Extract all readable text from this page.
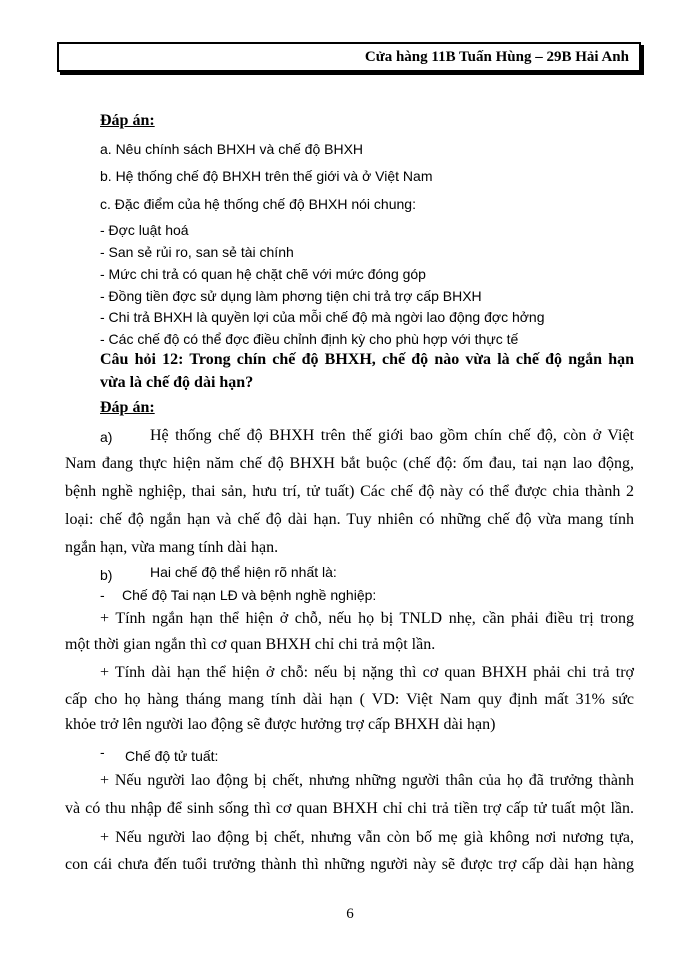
Cửa hàng 11B Tuấn Hùng – 29B Hải Anh
Đáp án:
a. Nêu chính sách BHXH và chế độ BHXH
b. Hệ thống chế độ BHXH trên thế giới và ở Việt Nam
c. Đặc điểm của hệ thống chế độ BHXH nói chung:
- Đợc luật hoá
- San sẻ rủi ro, san sẻ tài chính
- Mức chi trả có quan hệ chặt chẽ với mức đóng góp
- Đồng tiền đợc sử dụng làm phơng tiện chi trả trợ cấp BHXH
- Chi trả BHXH là quyền lợi của mỗi chế độ mà ngời lao động đợc hởng
- Các chế độ có thể đợc điều chỉnh định kỳ cho phù hợp với thực tế
Câu hỏi 12: Trong chín chế độ BHXH, chế độ nào vừa là chế độ ngắn hạn
vừa là chế độ dài hạn?
Đáp án:
a) Hệ thống chế độ BHXH trên thế giới bao gồm chín chế độ, còn ở Việt
Nam đang thực hiện năm chế độ BHXH bắt buộc (chế độ: ốm đau, tai nạn lao động,
bệnh nghề nghiệp, thai sản, hưu trí, tử tuất) Các chế độ này có thể được chia thành 2
loại: chế độ ngắn hạn và chế độ dài hạn. Tuy nhiên có những chế độ vừa mang tính
ngắn hạn, vừa mang tính dài hạn.
b)	Hai chế độ thể hiện rõ nhất là:
- Chế độ Tai nạn LĐ và bệnh nghề nghiệp:
+ Tính ngắn hạn thể hiện ở chỗ, nếu họ bị TNLD nhẹ, cần phải điều trị trong
một thời gian ngắn thì cơ quan BHXH chỉ chi trả một lần.
+ Tính dài hạn thể hiện ở chỗ: nếu bị nặng thì cơ quan BHXH phải chi trả trợ
cấp cho họ hàng tháng mang tính dài hạn ( VD: Việt Nam quy định mất 31% sức
khỏe trở lên người lao động sẽ được hưởng trợ cấp BHXH dài hạn)
- Chế độ tử tuất:
+ Nếu người lao động bị chết, nhưng những người thân của họ đã trưởng thành
và có thu nhập để sinh sống thì cơ quan BHXH chỉ chi trả tiền trợ cấp tử tuất một lần.
+ Nếu người lao động bị chết, nhưng vẫn còn bố mẹ già không nơi nương tựa,
con cái chưa đến tuổi trưởng thành thì những người này sẽ được trợ cấp dài hạn hàng
6
